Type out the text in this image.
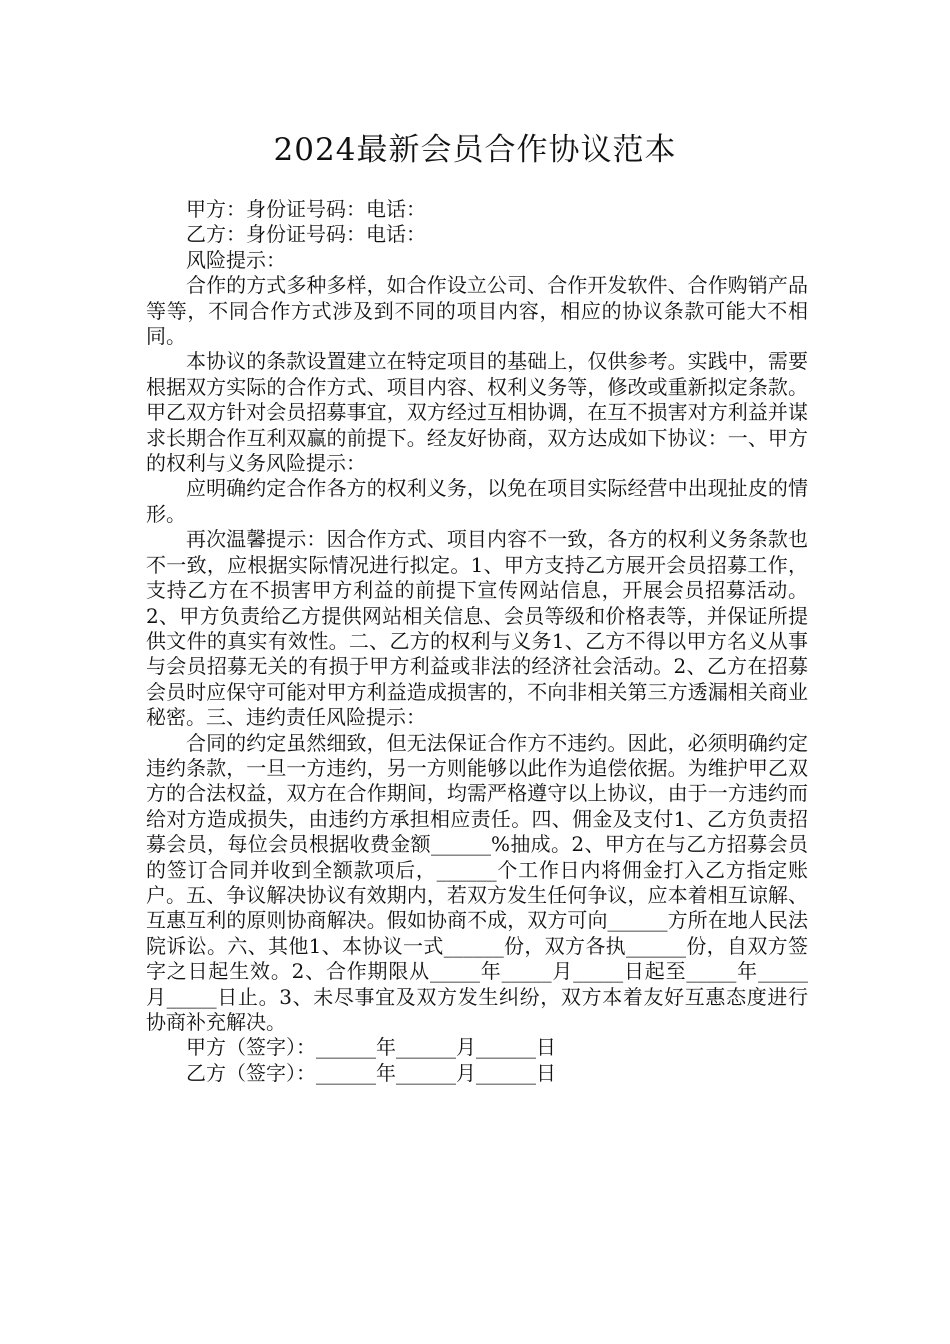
2024最新会员合作协议范本

甲方：身份证号码：电话：

乙方：身份证号码：电话：

风险提示：

合作的方式多种多样，如合作设立公司、合作开发软件、合作购销产品等等，不同合作方式涉及到不同的项目内容，相应的协议条款可能大不相同。

本协议的条款设置建立在特定项目的基础上，仅供参考。实践中，需要根据双方实际的合作方式、项目内容、权利义务等，修改或重新拟定条款。甲乙双方针对会员招募事宜，双方经过互相协调，在互不损害对方利益并谋求长期合作互利双赢的前提下。经友好协商，双方达成如下协议：一、甲方的权利与义务风险提示：

应明确约定合作各方的权利义务，以免在项目实际经营中出现扯皮的情形。

再次温馨提示：因合作方式、项目内容不一致，各方的权利义务条款也不一致，应根据实际情况进行拟定。1、甲方支持乙方展开会员招募工作，支持乙方在不损害甲方利益的前提下宣传网站信息，开展会员招募活动。2、甲方负责给乙方提供网站相关信息、会员等级和价格表等，并保证所提供文件的真实有效性。二、乙方的权利与义务1、乙方不得以甲方名义从事与会员招募无关的有损于甲方利益或非法的经济社会活动。2、乙方在招募会员时应保守可能对甲方利益造成损害的，不向非相关第三方透漏相关商业秘密。三、违约责任风险提示：

合同的约定虽然细致，但无法保证合作方不违约。因此，必须明确约定违约条款，一旦一方违约，另一方则能够以此作为追偿依据。为维护甲乙双方的合法权益，双方在合作期间，均需严格遵守以上协议，由于一方违约而给对方造成损失，由违约方承担相应责任。四、佣金及支付1、乙方负责招募会员，每位会员根据收费金额______%抽成。2、甲方在与乙方招募会员的签订合同并收到全额款项后，______个工作日内将佣金打入乙方指定账户。五、争议解决协议有效期内，若双方发生任何争议，应本着相互谅解、互惠互利的原则协商解决。假如协商不成，双方可向______方所在地人民法院诉讼。六、其他1、本协议一式______份，双方各执______份，自双方签字之日起生效。2、合作期限从_____年_____月_____日起至_____年_____月_____日止。3、未尽事宜及双方发生纠纷，双方本着友好互惠态度进行协商补充解决。

甲方（签字）：______年______月______日

乙方（签字）：______年______月______日
